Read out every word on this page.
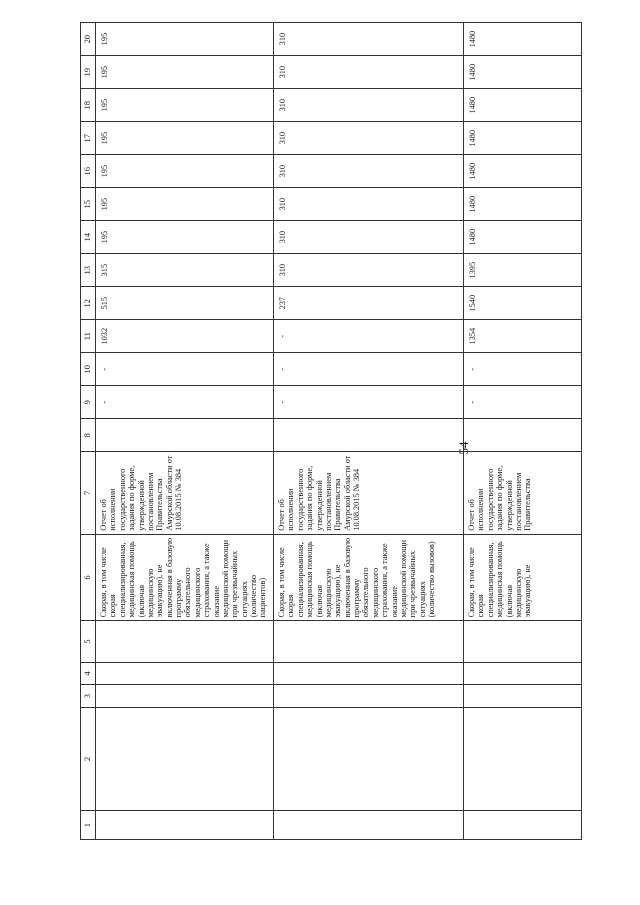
54
1	2	3	4	5	6	7	8	9	10	11	12	13	14	15	16	17	18	19	20
					Скорая, в том числе скорая специализированная, медицинская помощь (включая медицинскую эвакуацию), не включенная в базовую программу обязательного медицинского страхования, а также оказание медицинской помощи при чрезвычайных ситуациях (количество пациентов)	Отчет об исполнении государственного задания по форме, утвержденной постановлением Правительства Амурской области от 10.08.2015 № 384		-	-	1032	515	315	195	195	195	195	195	195	195
					Скорая, в том числе скорая специализированная, медицинская помощь (включая медицинскую эвакуацию), не включенная в базовую программу обязательного медицинского страхования, а также оказание медицинской помощи при чрезвычайных ситуациях (количество вызовов)	Отчет об исполнении государственного задания по форме, утвержденной постановлением Правительства Амурской области от 10.08.2015 № 384		-	-	-	237	310	310	310	310	310	310	310	310
					Скорая, в том числе скорая специализированная, медицинская помощь (включая медицинскую эвакуацию), не	Отчет об исполнении государственного задания по форме, утвержденной постановлением Правительства		-	-	1354	1540	1395	1480	1480	1480	1480	1480	1480	1480
